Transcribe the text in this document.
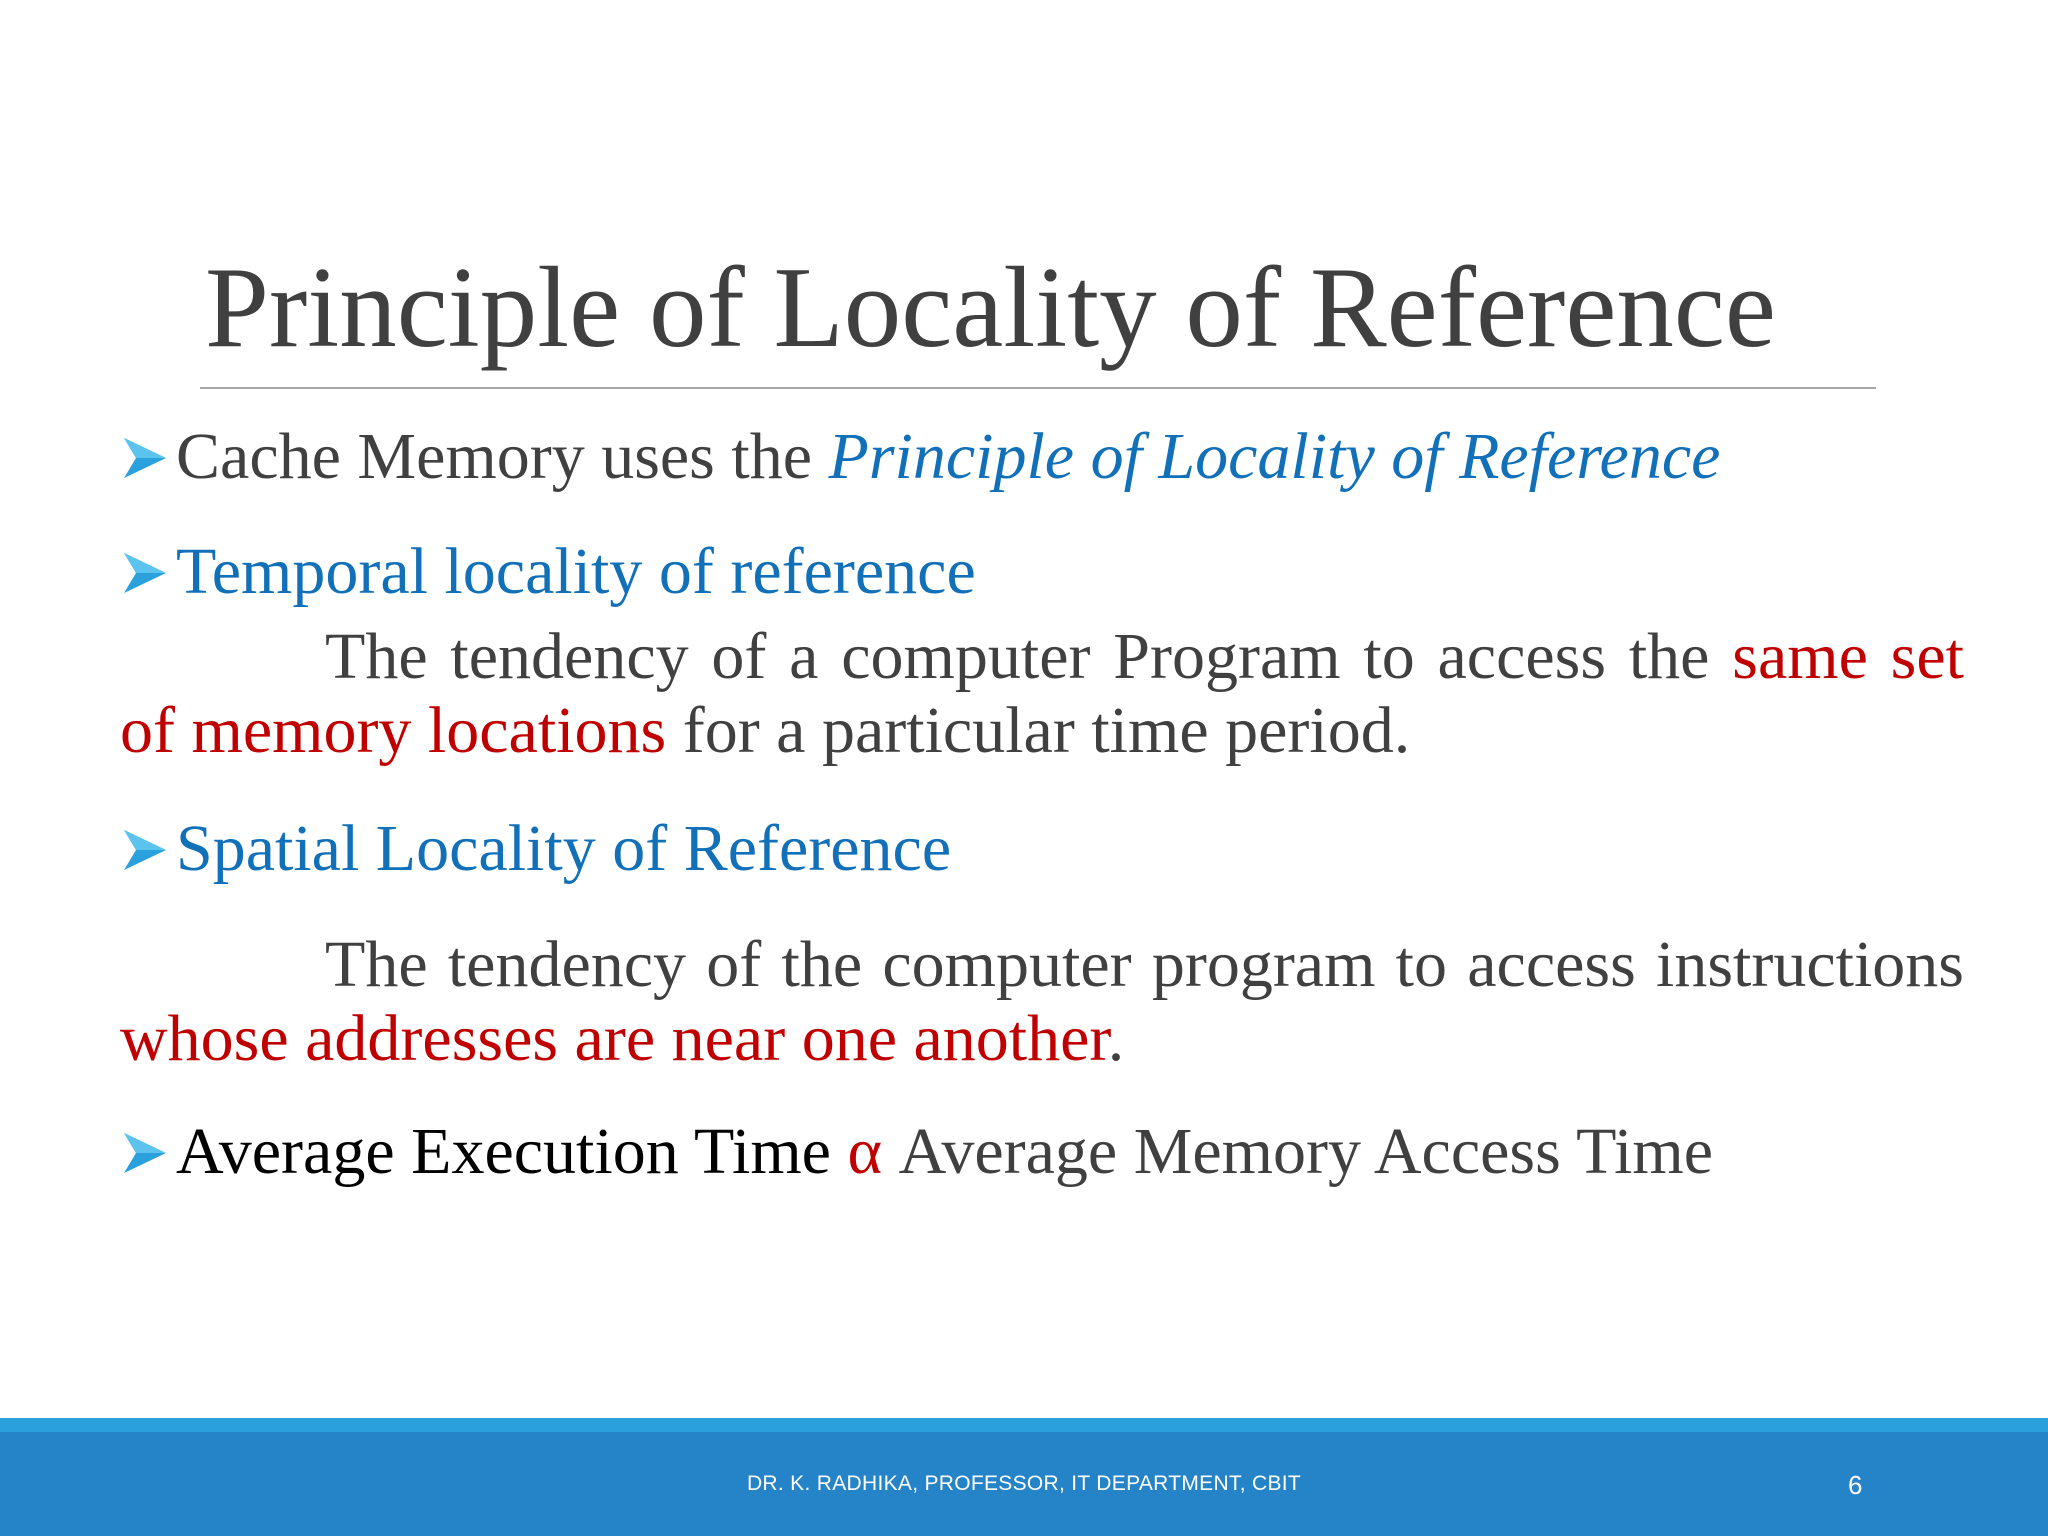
Principle of Locality of Reference
Cache Memory uses the Principle of Locality of Reference
Temporal locality of reference
The tendency of a computer Program to access the same set of memory locations for a particular time period.
Spatial Locality of Reference
The tendency of the computer program to access instructions whose addresses are near one another.
Average Execution Time α Average Memory Access Time
DR. K. RADHIKA, PROFESSOR, IT DEPARTMENT, CBIT	6
